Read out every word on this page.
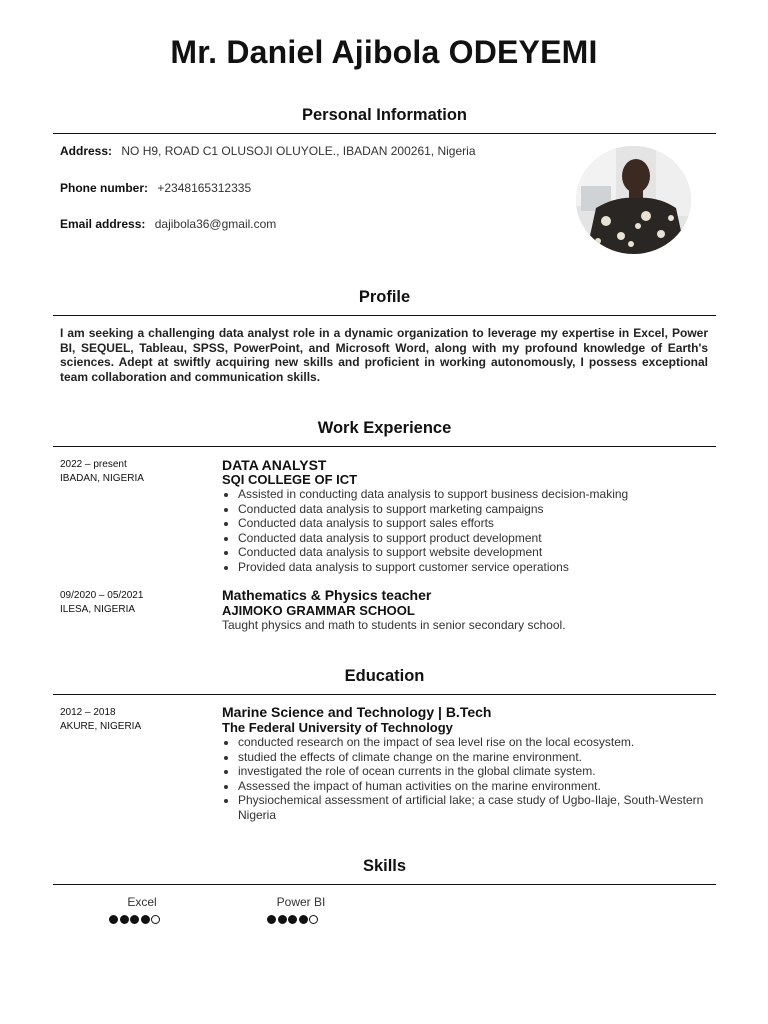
Mr. Daniel Ajibola ODEYEMI
Personal Information
Address: NO H9, ROAD C1 OLUSOJI OLUYOLE., IBADAN 200261, Nigeria
Phone number: +2348165312335
Email address: dajibola36@gmail.com
Profile
I am seeking a challenging data analyst role in a dynamic organization to leverage my expertise in Excel, Power BI, SEQUEL, Tableau, SPSS, PowerPoint, and Microsoft Word, along with my profound knowledge of Earth's sciences. Adept at swiftly acquiring new skills and proficient in working autonomously, I possess exceptional team collaboration and communication skills.
Work Experience
2022 – present
IBADAN, NIGERIA
DATA ANALYST
SQI COLLEGE OF ICT
• Assisted in conducting data analysis to support business decision-making
• Conducted data analysis to support marketing campaigns
• Conducted data analysis to support sales efforts
• Conducted data analysis to support product development
• Conducted data analysis to support website development
• Provided data analysis to support customer service operations
09/2020 – 05/2021
ILESA, NIGERIA
Mathematics & Physics teacher
AJIMOKO GRAMMAR SCHOOL
Taught physics and math to students in senior secondary school.
Education
2012 – 2018
AKURE, NIGERIA
Marine Science and Technology | B.Tech
The Federal University of Technology
• conducted research on the impact of sea level rise on the local ecosystem.
• studied the effects of climate change on the marine environment.
• investigated the role of ocean currents in the global climate system.
• Assessed the impact of human activities on the marine environment.
• Physiochemical assessment of artificial lake; a case study of Ugbo-Ilaje, South-Western Nigeria
Skills
Excel	Power BI
